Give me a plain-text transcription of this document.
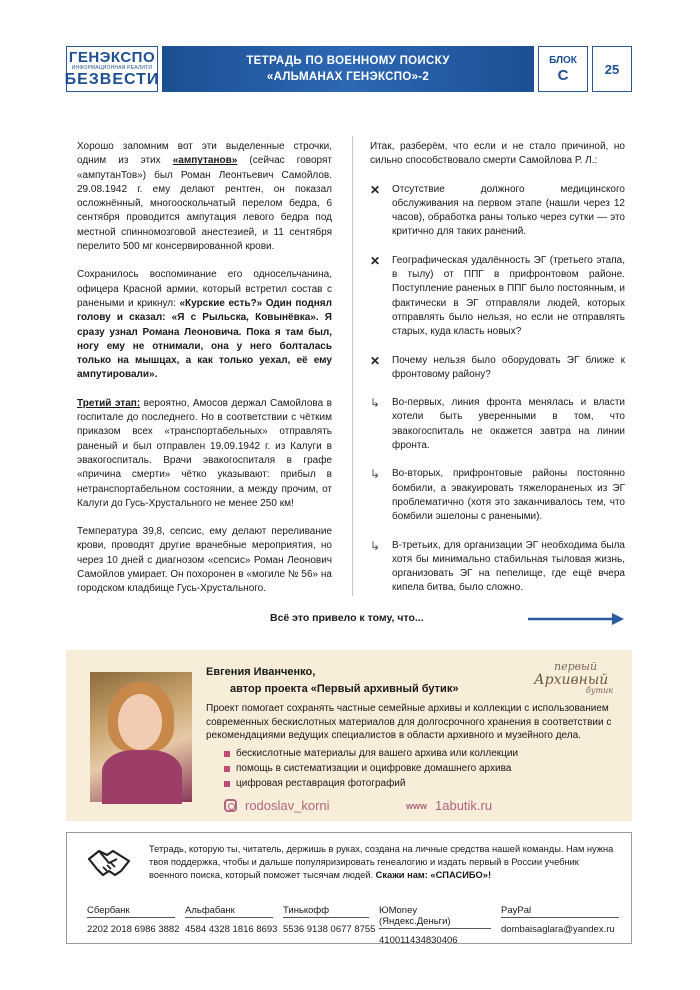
ГЕНЭКСПО
ИНФОРМАЦИОННАЯ РЕАЛИТИ
БЕЗВЕСТИ
ТЕТРАДЬ ПО ВОЕННОМУ ПОИСКУ
«АЛЬМАНАХ ГЕНЭКСПО»-2
БЛОК
С	25

Хорошо запомним вот эти выделенные строчки, одним из этих «ампутанов» (сейчас говорят «ампутанТов») был Роман Леонтьевич Самойлов. 29.08.1942 г. ему делают рентген, он показал осложнённый, многооскольчатый перелом бедра, 6 сентября проводится ампутация левого бедра под местной спинномозговой анестезией, и 11 сентября перелито 500 мг консервированной крови.

Сохранилось воспоминание его односельчанина, офицера Красной армии, который встретил состав с ранеными и крикнул: «Курские есть?» Один поднял голову и сказал: «Я с Рыльска, Ковынёвка». Я сразу узнал Романа Леоновича. Пока я там был, ногу ему не отнимали, она у него болталась только на мышцах, а как только уехал, её ему ампутировали».

Третий этап: вероятно, Амосов держал Самойлова в госпитале до последнего. Но в соответствии с чётким приказом всех «транспортабельных» отправлять раненый и был отправлен 19.09.1942 г. из Калуги в эвакогоспиталь. Врачи эвакогоспиталя в графе «причина смерти» чётко указывают: прибыл в нетранспортабельном состоянии, а между прочим, от Калуги до Гусь-Хрустального не менее 250 км!

Температура 39,8, сепсис, ему делают переливание крови, проводят другие врачебные мероприятия, но через 10 дней с диагнозом «сепсис» Роман Леонович Самойлов умирает. Он похоронен в «могиле № 56» на городском кладбище Гусь-Хрустального.

Итак, разберём, что если и не стало причиной, но сильно способствовало смерти Самойлова Р. Л.:

✕	Отсутствие должного медицинского обслуживания на первом этапе (нашли через 12 часов), обработка раны только через сутки — это критично для таких ранений.
✕	Географическая удалённость ЭГ (третьего этапа, в тылу) от ППГ в прифронтовом районе. Поступление раненых в ППГ было постоянным, и фактически в ЭГ отправляли людей, которых отправлять было нельзя, но если не отправлять старых, куда класть новых?
✕	Почему нельзя было оборудовать ЭГ ближе к фронтовому району?
↳	Во-первых, линия фронта менялась и власти хотели быть уверенными в том, что эвакогоспиталь не окажется завтра на линии фронта.
↳	Во-вторых, прифронтовые районы постоянно бомбили, а эвакуировать тяжелораненых из ЭГ проблематично (хотя это заканчивалось тем, что бомбили эшелоны с ранеными).
↳	В-третьих, для организации ЭГ необходима была хотя бы минимально стабильная тыловая жизнь, организовать ЭГ на пепелище, где ещё вчера кипела битва, было сложно.
Всё это привело к тому, что...
Евгения Иванченко,
автор проекта «Первый архивный бутик»
первый
Архивный
бутик
Проект помогает сохранять частные семейные архивы и коллекции с использованием современных бескислотных материалов для долгосрочного хранения в соответствии с рекомендациями ведущих специалистов в области архивного и музейного дела.
бескислотные материалы для вашего архива или коллекции
помощь в систематизации и оцифровке домашнего архива
цифровая реставрация фотографий
rodoslav_korni	www 1abutik.ru
Тетрадь, которую ты, читатель, держишь в руках, создана на личные средства нашей команды. Нам нужна твоя поддержка, чтобы и дальше популяризировать генеалогию и издать первый в России учебник военного поиска, который поможет тысячам людей. Скажи нам: «СПАСИБО»!
Сбербанк
2202 2018 6986 3882
Альфабанк
4584 4328 1816 8693
Тинькофф
5536 9138 0677 8755
ЮMoney (Яндекс.Деньги)
410011434830406
PayPal
dombaisaglara@yandex.ru
